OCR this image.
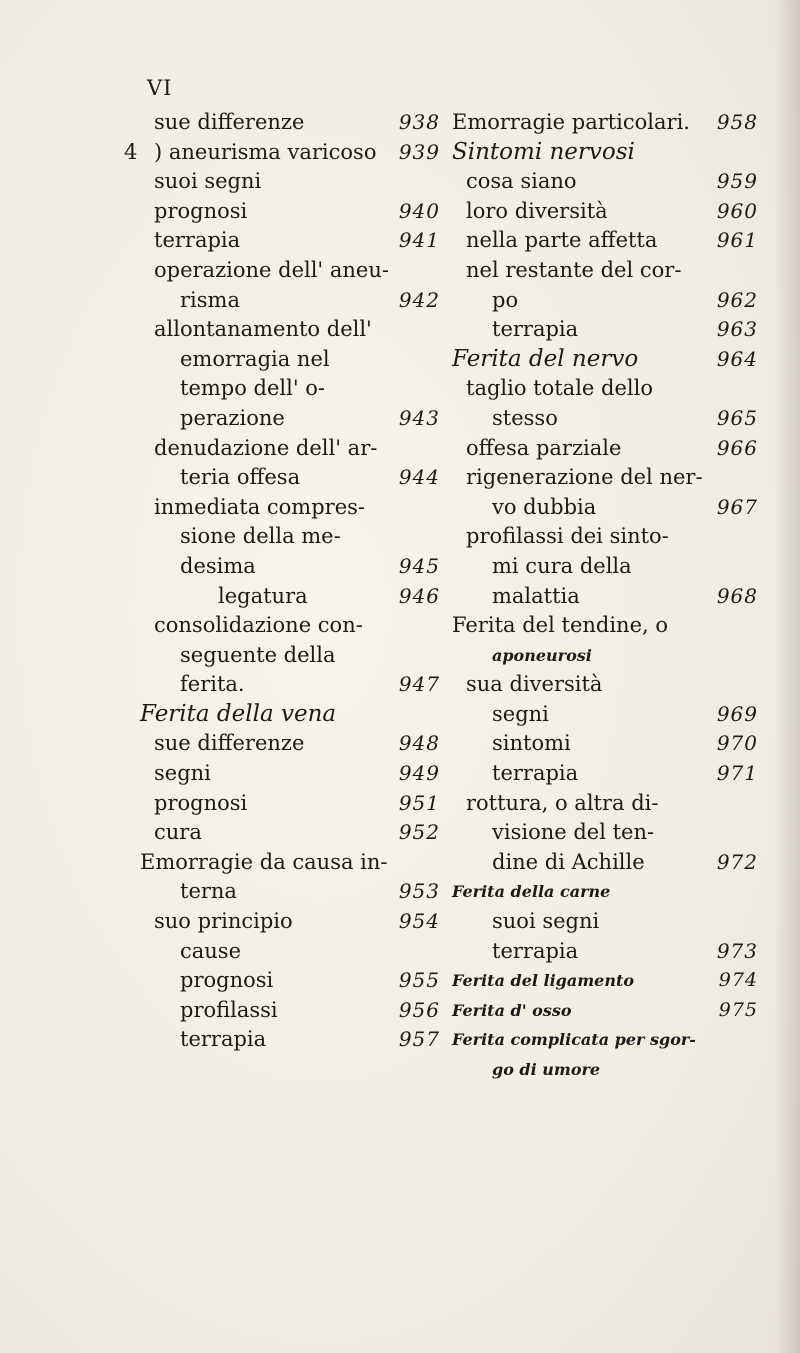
VI
sue differenze	938
4 ) aneurisma varicoso 939
suoi segni
prognosi	940
terrapia	941
operazione dell' aneu-
risma	942
allontanamento dell'
emorragia nel
tempo dell' o-
perazione	943
denudazione dell' ar-
teria offesa	944
inmediata compres-
sione della me-
desima	945
legatura	946
consolidazione con-
seguente della
ferita.	947
Ferita della vena
sue differenze	948
segni	949
prognosi	951
cura	952
Emorragie da causa in-
terna	953
suo principio	954
cause
prognosi	955
profilassi	956
terrapia	957
Emorragie particolari. 958
Sintomi nervosi
cosa siano	959
loro diversità	960
nella parte affetta	961
nel restante del cor-
po	962
terrapia	963
Ferita del nervo	964
taglio totale dello
stesso	965
offesa parziale	966
rigenerazione del ner-
vo dubbia	967
profilassi dei sinto-
mi cura della
malattia	968
Ferita del tendine, o
aponeurosi
sua diversità
segni	969
sintomi	970
terrapia	971
rottura, o altra di-
visione del ten-
dine di Achille	972
Ferita della carne
suoi segni
terrapia	973
Ferita del ligamento	974
Ferita d' osso	975
Ferita complicata per sgor-
go di umore
